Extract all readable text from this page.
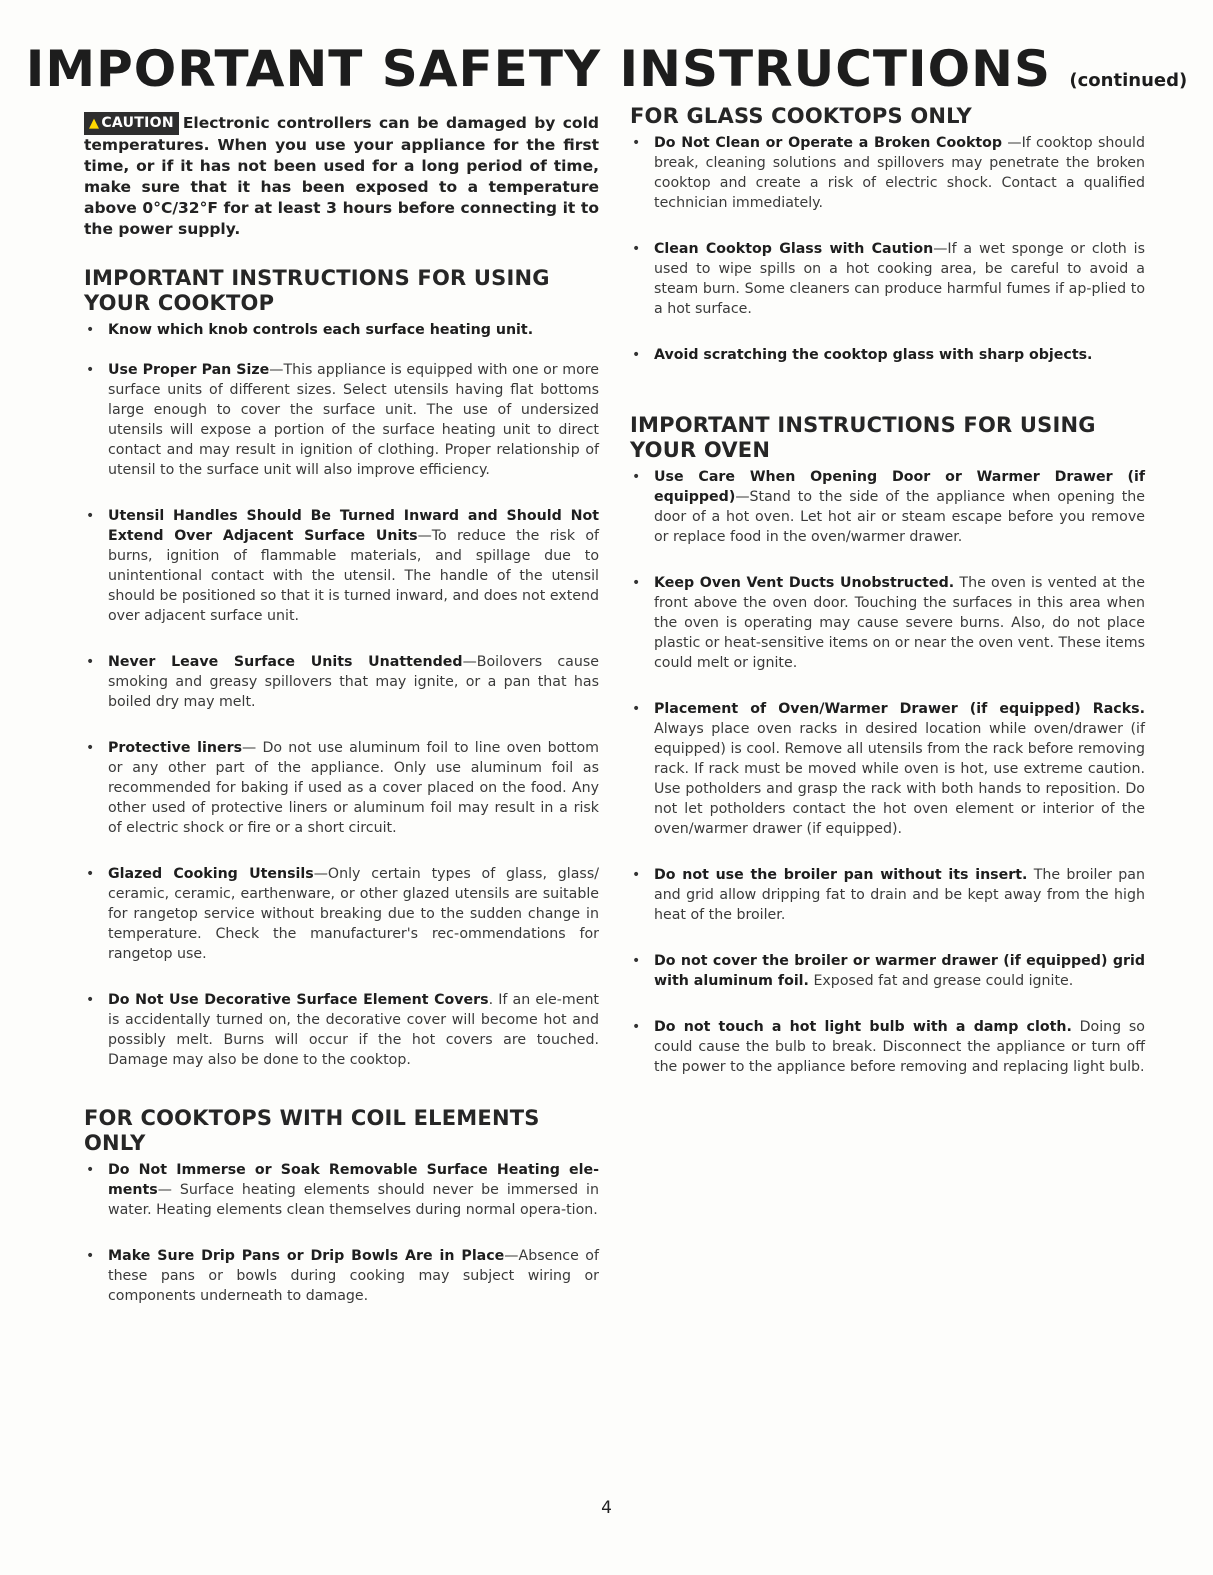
IMPORTANT SAFETY INSTRUCTIONS (continued)

▲ CAUTION Electronic controllers can be damaged by cold temperatures. When you use your appliance for the first time, or if it has not been used for a long period of time, make sure that it has been exposed to a temperature above 0°C/32°F for at least 3 hours before connecting it to the power supply.

IMPORTANT INSTRUCTIONS FOR USING YOUR COOKTOP
• Know which knob controls each surface heating unit.
• Use Proper Pan Size—This appliance is equipped with one or more surface units of different sizes. Select utensils having flat bottoms large enough to cover the surface unit. The use of undersized utensils will expose a portion of the surface heating unit to direct contact and may result in ignition of clothing. Proper relationship of utensil to the surface unit will also improve efficiency.
• Utensil Handles Should Be Turned Inward and Should Not Extend Over Adjacent Surface Units—To reduce the risk of burns, ignition of flammable materials, and spillage due to unintentional contact with the utensil. The handle of the utensil should be positioned so that it is turned inward, and does not extend over adjacent surface unit.
• Never Leave Surface Units Unattended—Boilovers cause smoking and greasy spillovers that may ignite, or a pan that has boiled dry may melt.
• Protective liners— Do not use aluminum foil to line oven bottom or any other part of the appliance. Only use aluminum foil as recommended for baking if used as a cover placed on the food. Any other used of protective liners or aluminum foil may result in a risk of electric shock or fire or a short circuit.
• Glazed Cooking Utensils—Only certain types of glass, glass/ ceramic, ceramic, earthenware, or other glazed utensils are suitable for rangetop service without breaking due to the sudden change in temperature. Check the manufacturer's rec-ommendations for rangetop use.
• Do Not Use Decorative Surface Element Covers. If an ele-ment is accidentally turned on, the decorative cover will become hot and possibly melt. Burns will occur if the hot covers are touched. Damage may also be done to the cooktop.
FOR COOKTOPS WITH COIL ELEMENTS ONLY
• Do Not Immerse or Soak Removable Surface Heating ele-ments— Surface heating elements should never be immersed in water. Heating elements clean themselves during normal opera-tion.
• Make Sure Drip Pans or Drip Bowls Are in Place—Absence of these pans or bowls during cooking may subject wiring or components underneath to damage.
FOR GLASS COOKTOPS ONLY
• Do Not Clean or Operate a Broken Cooktop —If cooktop should break, cleaning solutions and spillovers may penetrate the broken cooktop and create a risk of electric shock. Contact a qualified technician immediately.
• Clean Cooktop Glass with Caution—If a wet sponge or cloth is used to wipe spills on a hot cooking area, be careful to avoid a steam burn. Some cleaners can produce harmful fumes if ap-plied to a hot surface.
• Avoid scratching the cooktop glass with sharp objects.
IMPORTANT INSTRUCTIONS FOR USING YOUR OVEN
• Use Care When Opening Door or Warmer Drawer (if equipped)—Stand to the side of the appliance when opening the door of a hot oven. Let hot air or steam escape before you remove or replace food in the oven/warmer drawer.
• Keep Oven Vent Ducts Unobstructed. The oven is vented at the front above the oven door. Touching the surfaces in this area when the oven is operating may cause severe burns. Also, do not place plastic or heat-sensitive items on or near the oven vent. These items could melt or ignite.
• Placement of Oven/Warmer Drawer (if equipped) Racks. Always place oven racks in desired location while oven/drawer (if equipped) is cool. Remove all utensils from the rack before removing rack. If rack must be moved while oven is hot, use extreme caution. Use potholders and grasp the rack with both hands to reposition. Do not let potholders contact the hot oven element or interior of the oven/warmer drawer (if equipped).
• Do not use the broiler pan without its insert. The broiler pan and grid allow dripping fat to drain and be kept away from the high heat of the broiler.
• Do not cover the broiler or warmer drawer (if equipped) grid with aluminum foil. Exposed fat and grease could ignite.
• Do not touch a hot light bulb with a damp cloth. Doing so could cause the bulb to break. Disconnect the appliance or turn off the power to the appliance before removing and replacing light bulb.
4
